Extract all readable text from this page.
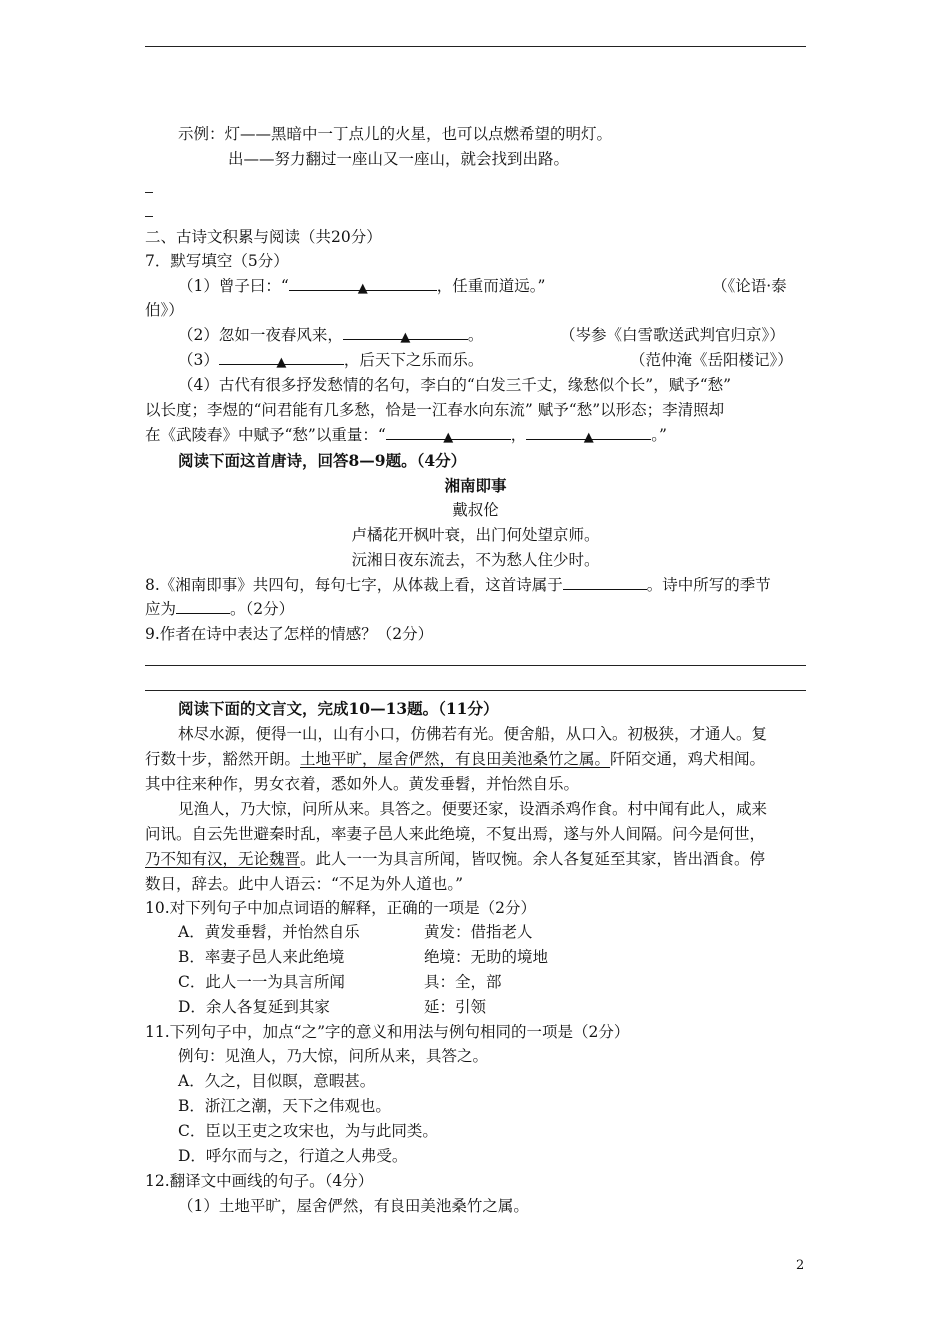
示例：灯——黑暗中一丁点儿的火星，也可以点燃希望的明灯。
出——努力翻过一座山又一座山，就会找到出路。
二、古诗文积累与阅读（共20分）
7．默写填空（5分）
（1）曾子曰：“	▲	，任重而道远。”	（《论语·泰
伯》）
（2）忽如一夜春风来，	▲	。	（岑参《白雪歌送武判官归京》）
（3）	▲	，后天下之乐而乐。	（范仲淹《岳阳楼记》）
（4）古代有很多抒发愁情的名句，李白的“白发三千丈，缘愁似个长”，赋予“愁”
以长度；李煜的“问君能有几多愁，恰是一江春水向东流” 赋予“愁”以形态；李清照却
在《武陵春》中赋予“愁”以重量：“	▲	，	▲	。”
阅读下面这首唐诗，回答8—9题。（4分）
湘南即事
戴叔伦
卢橘花开枫叶衰，出门何处望京师。
沅湘日夜东流去，不为愁人住少时。
8.《湘南即事》共四句，每句七字，从体裁上看，这首诗属于	。诗中所写的季节
应为	。（2分）
9.作者在诗中表达了怎样的情感？（2分）
阅读下面的文言文，完成10—13题。（11分）
林尽水源，便得一山，山有小口，仿佛若有光。便舍船，从口入。初极狭，才通人。复
行数十步，豁然开朗。土地平旷，屋舍俨然，有良田美池桑竹之属。阡陌交通，鸡犬相闻。
其中往来种作，男女衣着，悉如外人。黄发垂髫，并怡然自乐。
见渔人，乃大惊，问所从来。具答之。便要还家，设酒杀鸡作食。村中闻有此人，咸来
问讯。自云先世避秦时乱，率妻子邑人来此绝境，不复出焉，遂与外人间隔。问今是何世，
乃不知有汉，无论魏晋。此人一一为具言所闻，皆叹惋。余人各复延至其家，皆出酒食。停
数日，辞去。此中人语云：“不足为外人道也。”
10.对下列句子中加点词语的解释，正确的一项是（2分）
A．黄发垂髫，并怡然自乐	黄发：借指老人
B．率妻子邑人来此绝境	绝境：无助的境地
C．此人一一为具言所闻	具：全，部
D．余人各复延到其家	延：引领
11.下列句子中，加点“之”字的意义和用法与例句相同的一项是（2分）
例句：见渔人，乃大惊，问所从来，具答之。
A．久之，目似瞑，意暇甚。
B．浙江之潮，天下之伟观也。
C．臣以王吏之攻宋也，为与此同类。
D．呼尔而与之，行道之人弗受。
12.翻译文中画线的句子。（4分）
（1）土地平旷，屋舍俨然，有良田美池桑竹之属。
2
